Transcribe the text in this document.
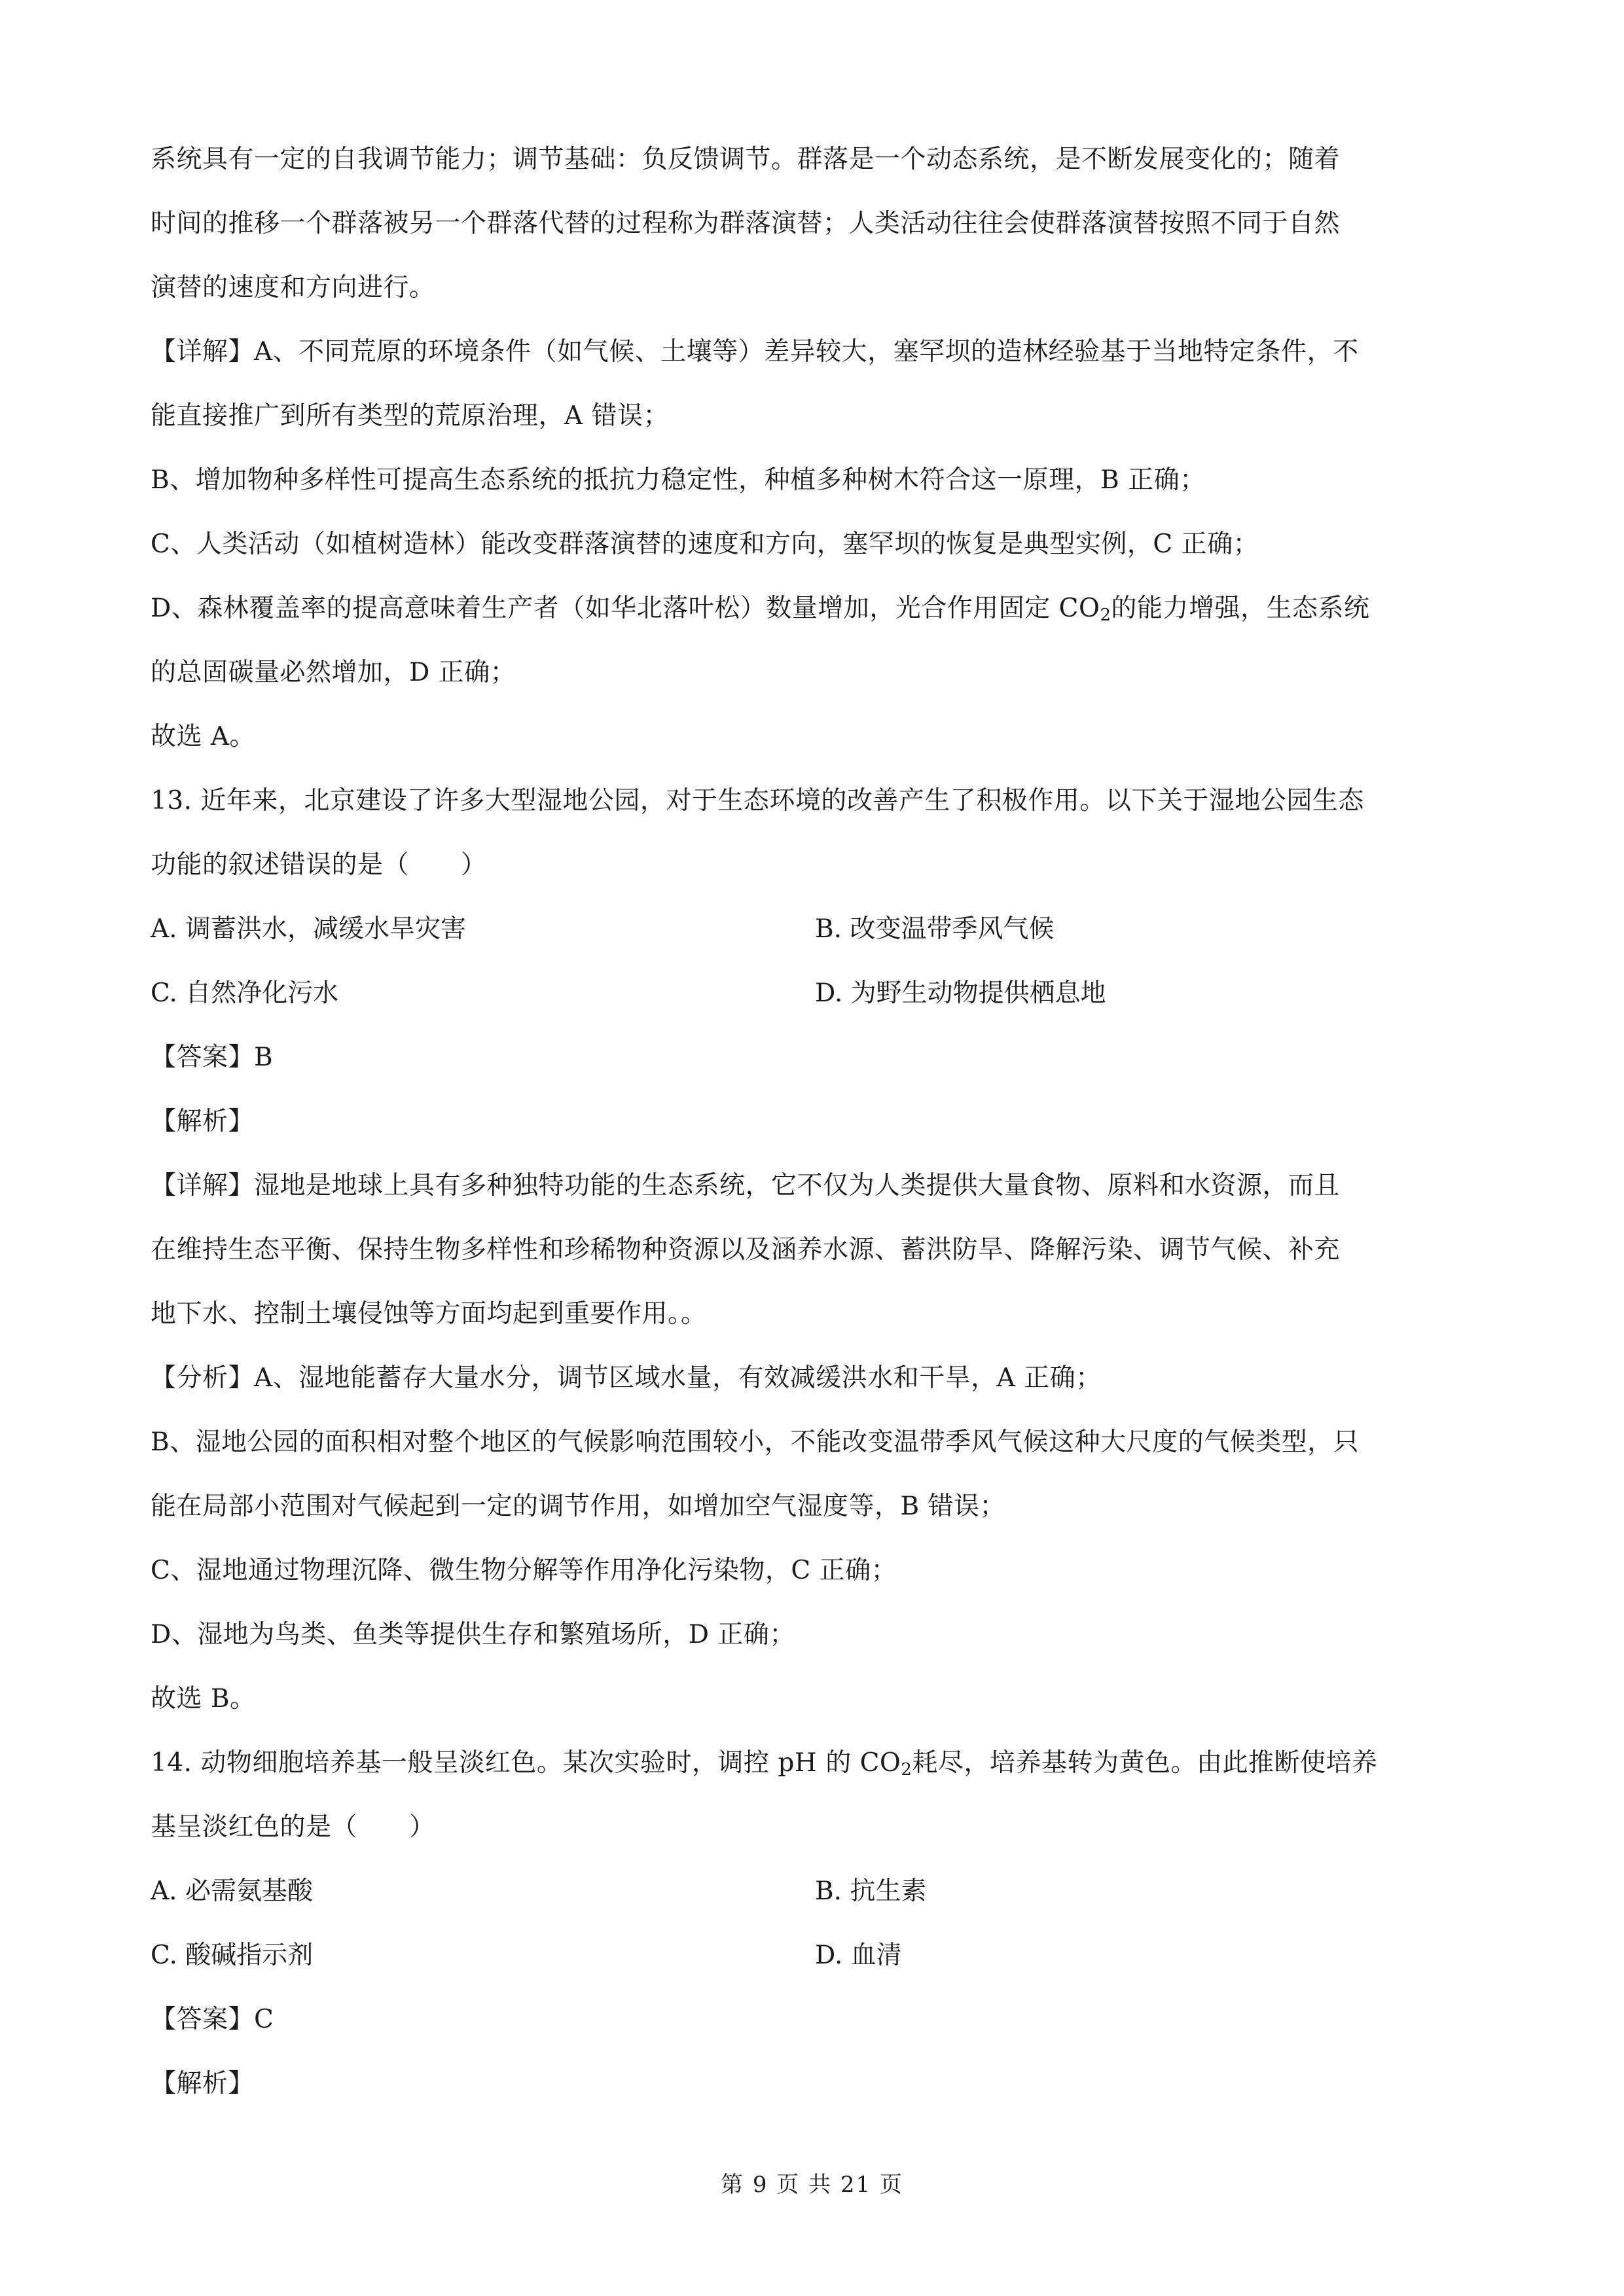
系统具有一定的自我调节能力；调节基础：负反馈调节。群落是一个动态系统，是不断发展变化的；随着
时间的推移一个群落被另一个群落代替的过程称为群落演替；人类活动往往会使群落演替按照不同于自然
演替的速度和方向进行。
【详解】A、不同荒原的环境条件（如气候、土壤等）差异较大，塞罕坝的造林经验基于当地特定条件，不
能直接推广到所有类型的荒原治理，A 错误；
B、增加物种多样性可提高生态系统的抵抗力稳定性，种植多种树木符合这一原理，B 正确；
C、人类活动（如植树造林）能改变群落演替的速度和方向，塞罕坝的恢复是典型实例，C 正确；
D、森林覆盖率的提高意味着生产者（如华北落叶松）数量增加，光合作用固定 $CO_2$的能力增强，生态系统
的总固碳量必然增加，D 正确；
故选 A。
13. 近年来，北京建设了许多大型湿地公园，对于生态环境的改善产生了积极作用。以下关于湿地公园生态
功能的叙述错误的是（　　）
A. 调蓄洪水，减缓水旱灾害	B. 改变温带季风气候
C. 自然净化污水	D. 为野生动物提供栖息地
【答案】B
【解析】
【详解】湿地是地球上具有多种独特功能的生态系统，它不仅为人类提供大量食物、原料和水资源，而且
在维持生态平衡、保持生物多样性和珍稀物种资源以及涵养水源、蓄洪防旱、降解污染、调节气候、补充
地下水、控制土壤侵蚀等方面均起到重要作用。。
【分析】A、湿地能蓄存大量水分，调节区域水量，有效减缓洪水和干旱，A 正确；
B、湿地公园的面积相对整个地区的气候影响范围较小，不能改变温带季风气候这种大尺度的气候类型，只
能在局部小范围对气候起到一定的调节作用，如增加空气湿度等，B 错误；
C、湿地通过物理沉降、微生物分解等作用净化污染物，C 正确；
D、湿地为鸟类、鱼类等提供生存和繁殖场所，D 正确；
故选 B。
14. 动物细胞培养基一般呈淡红色。某次实验时，调控 pH 的 $CO_2$耗尽，培养基转为黄色。由此推断使培养
基呈淡红色的是（　　）
A. 必需氨基酸	B. 抗生素
C. 酸碱指示剂	D. 血清
【答案】C
【解析】
第 9 页 共 21 页
